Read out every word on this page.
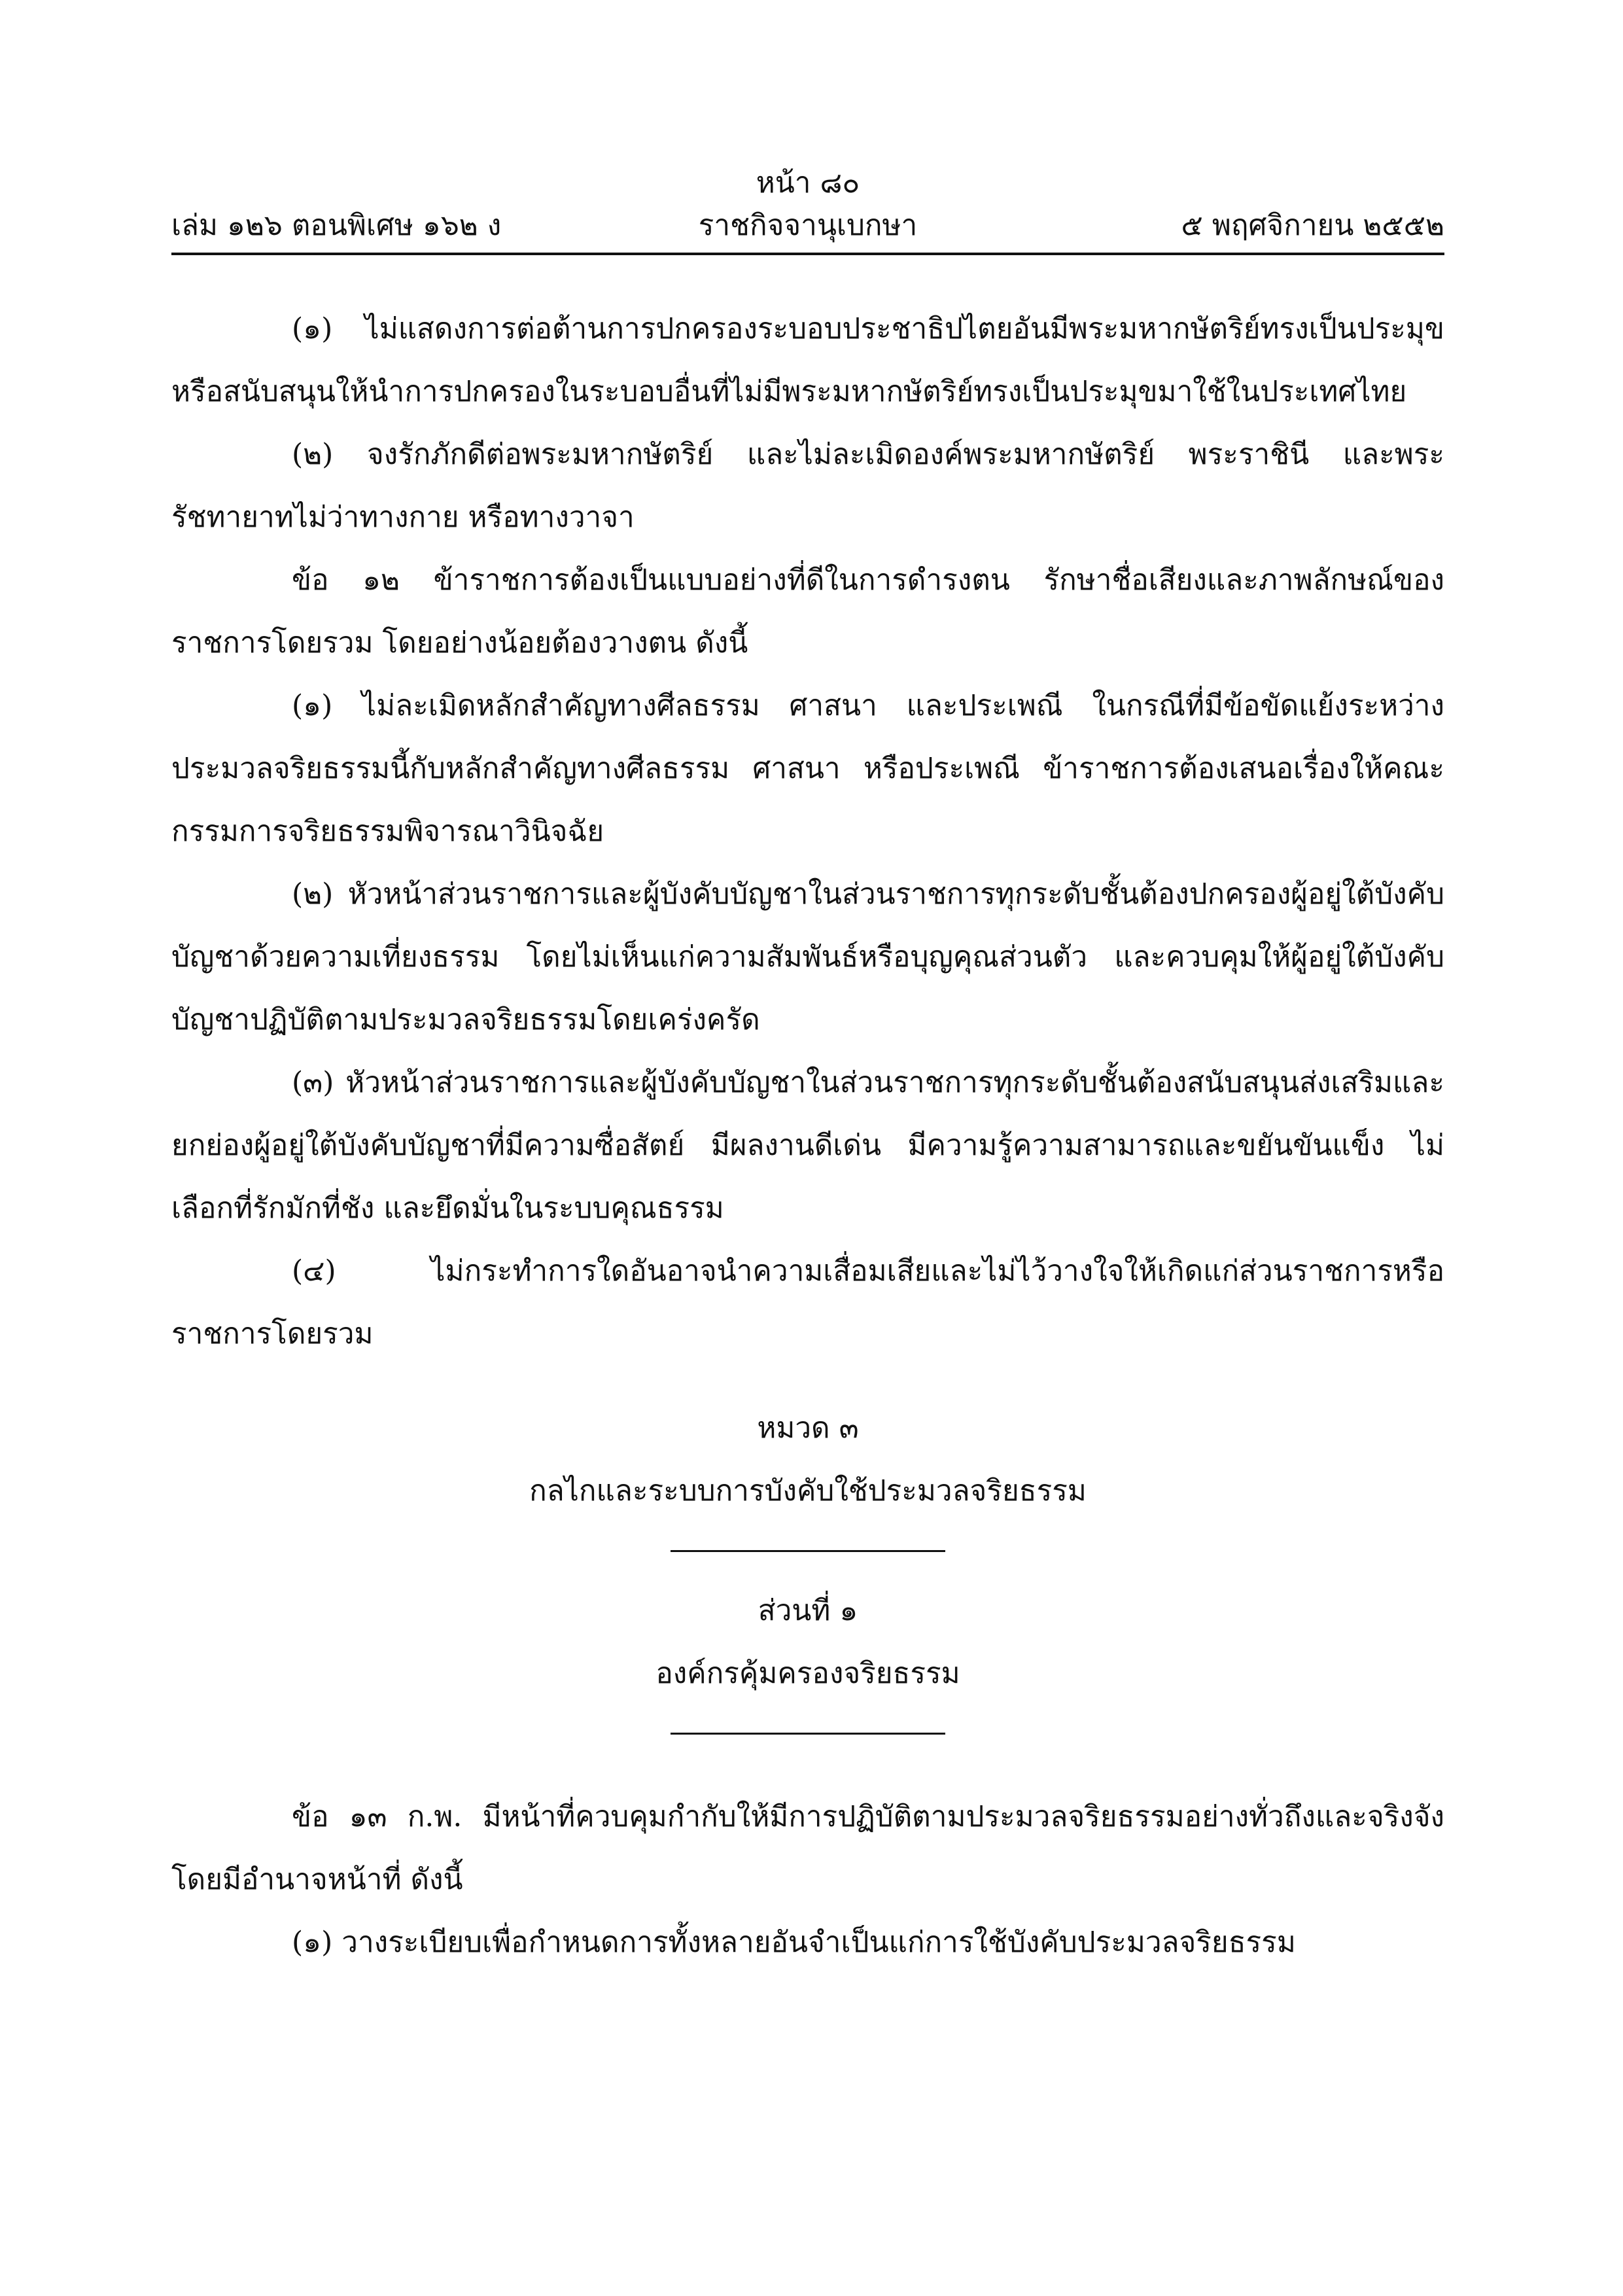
หน้า ๘๐
เล่ม ๑๒๖ ตอนพิเศษ ๑๖๒ ง	ราชกิจจานุเบกษา	๕ พฤศจิกายน ๒๕๕๒

(๑) ไม่แสดงการต่อต้านการปกครองระบอบประชาธิปไตยอันมีพระมหากษัตริย์ทรงเป็นประมุข หรือสนับสนุนให้นำการปกครองในระบอบอื่นที่ไม่มีพระมหากษัตริย์ทรงเป็นประมุขมาใช้ในประเทศไทย

(๒) จงรักภักดีต่อพระมหากษัตริย์ และไม่ละเมิดองค์พระมหากษัตริย์ พระราชินี และพระรัชทายาทไม่ว่าทางกาย หรือทางวาจา

ข้อ ๑๒ ข้าราชการต้องเป็นแบบอย่างที่ดีในการดำรงตน รักษาชื่อเสียงและภาพลักษณ์ของราชการโดยรวม โดยอย่างน้อยต้องวางตน ดังนี้

(๑) ไม่ละเมิดหลักสำคัญทางศีลธรรม ศาสนา และประเพณี ในกรณีที่มีข้อขัดแย้งระหว่างประมวลจริยธรรมนี้กับหลักสำคัญทางศีลธรรม ศาสนา หรือประเพณี ข้าราชการต้องเสนอเรื่องให้คณะกรรมการจริยธรรมพิจารณาวินิจฉัย

(๒) หัวหน้าส่วนราชการและผู้บังคับบัญชาในส่วนราชการทุกระดับชั้นต้องปกครองผู้อยู่ใต้บังคับบัญชาด้วยความเที่ยงธรรม โดยไม่เห็นแก่ความสัมพันธ์หรือบุญคุณส่วนตัว และควบคุมให้ผู้อยู่ใต้บังคับบัญชาปฏิบัติตามประมวลจริยธรรมโดยเคร่งครัด

(๓) หัวหน้าส่วนราชการและผู้บังคับบัญชาในส่วนราชการทุกระดับชั้นต้องสนับสนุนส่งเสริมและยกย่องผู้อยู่ใต้บังคับบัญชาที่มีความซื่อสัตย์ มีผลงานดีเด่น มีความรู้ความสามารถและขยันขันแข็ง ไม่เลือกที่รักมักที่ชัง และยึดมั่นในระบบคุณธรรม

(๔) ไม่กระทำการใดอันอาจนำความเสื่อมเสียและไม่ไว้วางใจให้เกิดแก่ส่วนราชการหรือราชการโดยรวม

หมวด ๓

กลไกและระบบการบังคับใช้ประมวลจริยธรรม

ส่วนที่ ๑

องค์กรคุ้มครองจริยธรรม

ข้อ ๑๓ ก.พ. มีหน้าที่ควบคุมกำกับให้มีการปฏิบัติตามประมวลจริยธรรมอย่างทั่วถึงและจริงจัง โดยมีอำนาจหน้าที่ ดังนี้

(๑) วางระเบียบเพื่อกำหนดการทั้งหลายอันจำเป็นแก่การใช้บังคับประมวลจริยธรรม
